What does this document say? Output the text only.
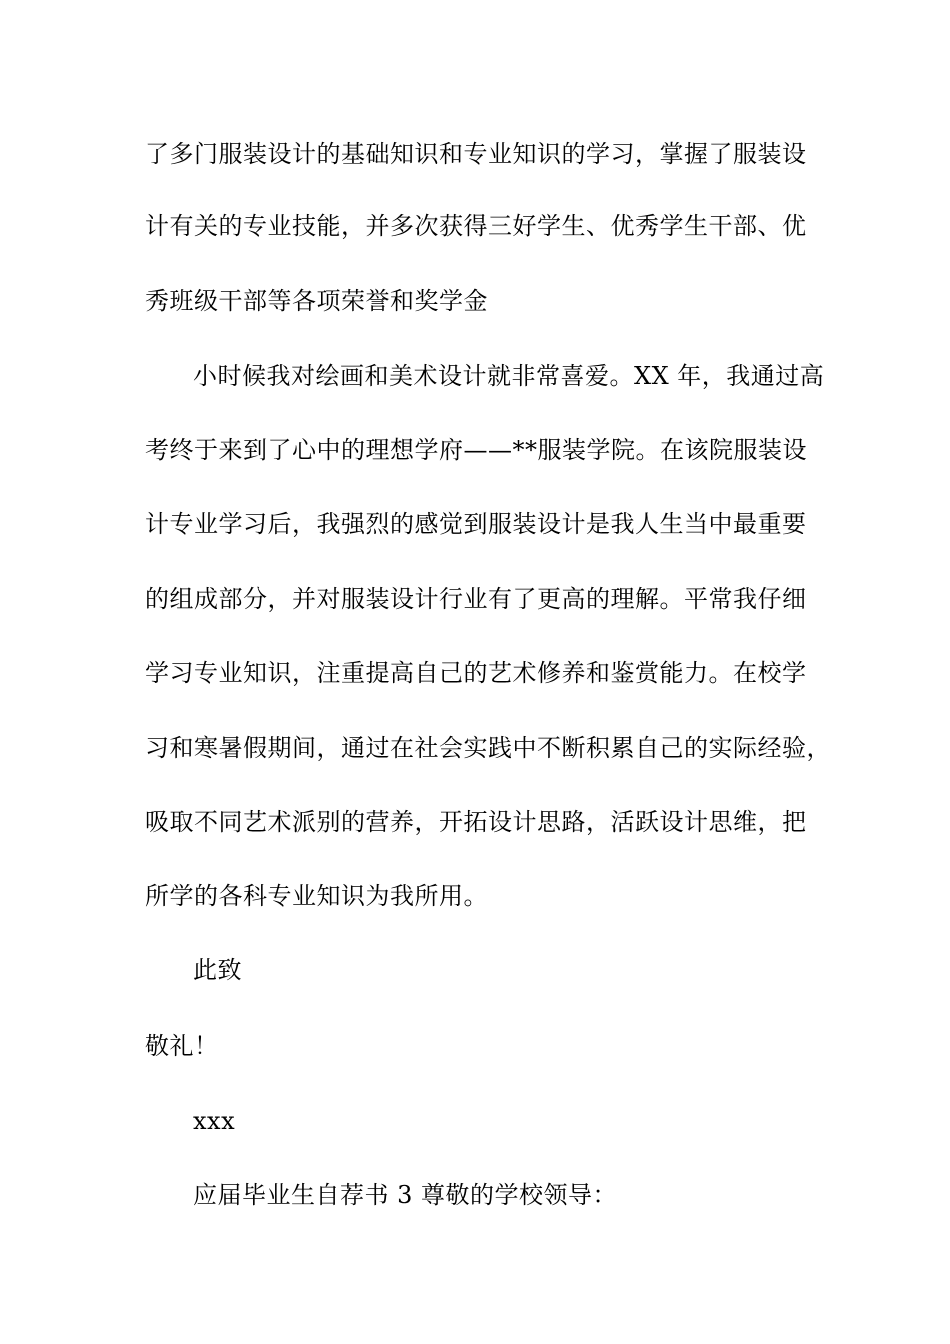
了多门服装设计的基础知识和专业知识的学习，掌握了服装设
计有关的专业技能，并多次获得三好学生、优秀学生干部、优
秀班级干部等各项荣誉和奖学金
小时候我对绘画和美术设计就非常喜爱。XX 年，我通过高
考终于来到了心中的理想学府——**服装学院。在该院服装设
计专业学习后，我强烈的感觉到服装设计是我人生当中最重要
的组成部分，并对服装设计行业有了更高的理解。平常我仔细
学习专业知识，注重提高自己的艺术修养和鉴赏能力。在校学
习和寒暑假期间，通过在社会实践中不断积累自己的实际经验，
吸取不同艺术派别的营养，开拓设计思路，活跃设计思维，把
所学的各科专业知识为我所用。
此致
敬礼！
xxx
应届毕业生自荐书 3 尊敬的学校领导：
